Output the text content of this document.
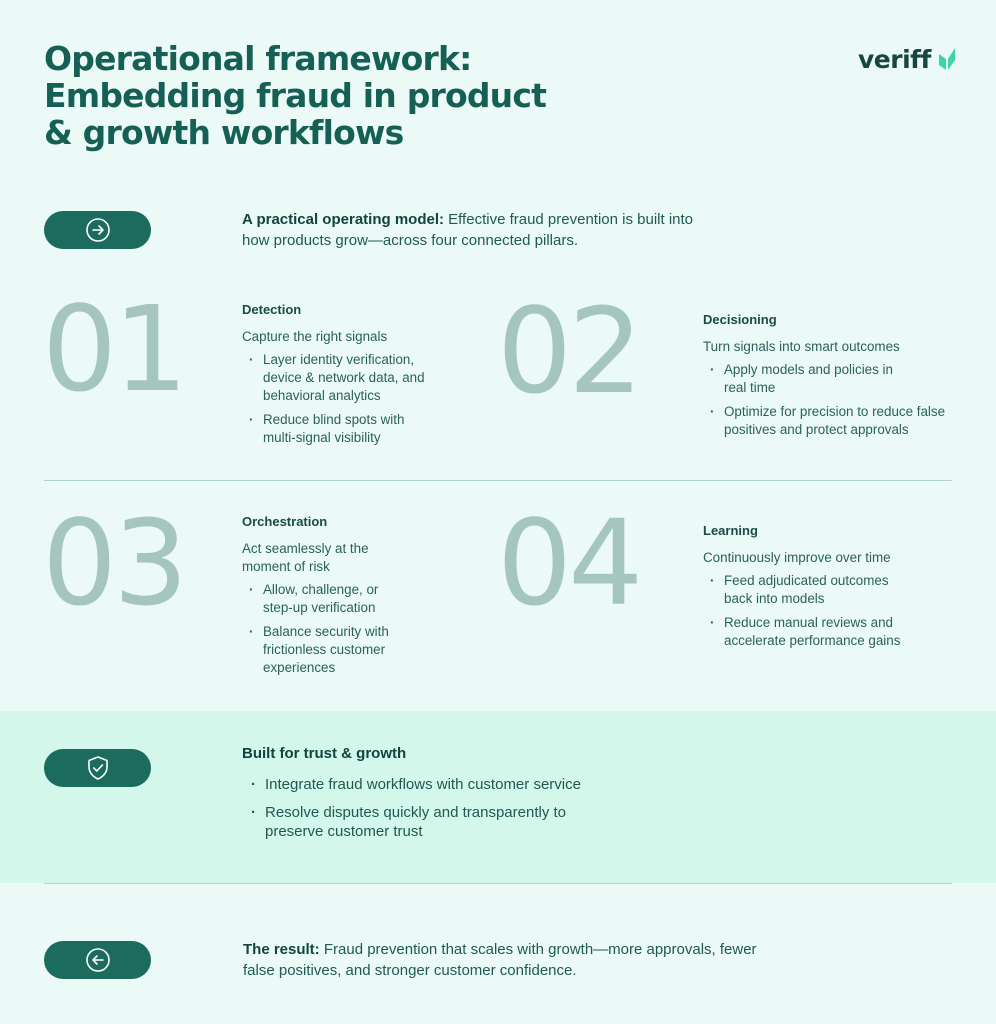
Operational framework:
Embedding fraud in product
& growth workflows
veriff

A practical operating model: Effective fraud prevention is built into how products grow—across four connected pillars.

01	Detection

Capture the right signals

· Layer identity verification, device & network data, and behavioral analytics
· Reduce blind spots with multi-signal visibility
02	Decisioning

Turn signals into smart outcomes

· Apply models and policies in real time
· Optimize for precision to reduce false positives and protect approvals
03	Orchestration

Act seamlessly at the moment of risk

· Allow, challenge, or step-up verification
· Balance security with frictionless customer experiences
04	Learning

Continuously improve over time

· Feed adjudicated outcomes back into models
· Reduce manual reviews and accelerate performance gains
Built for trust & growth
· Integrate fraud workflows with customer service
· Resolve disputes quickly and transparently to preserve customer trust

The result: Fraud prevention that scales with growth—more approvals, fewer false positives, and stronger customer confidence.
